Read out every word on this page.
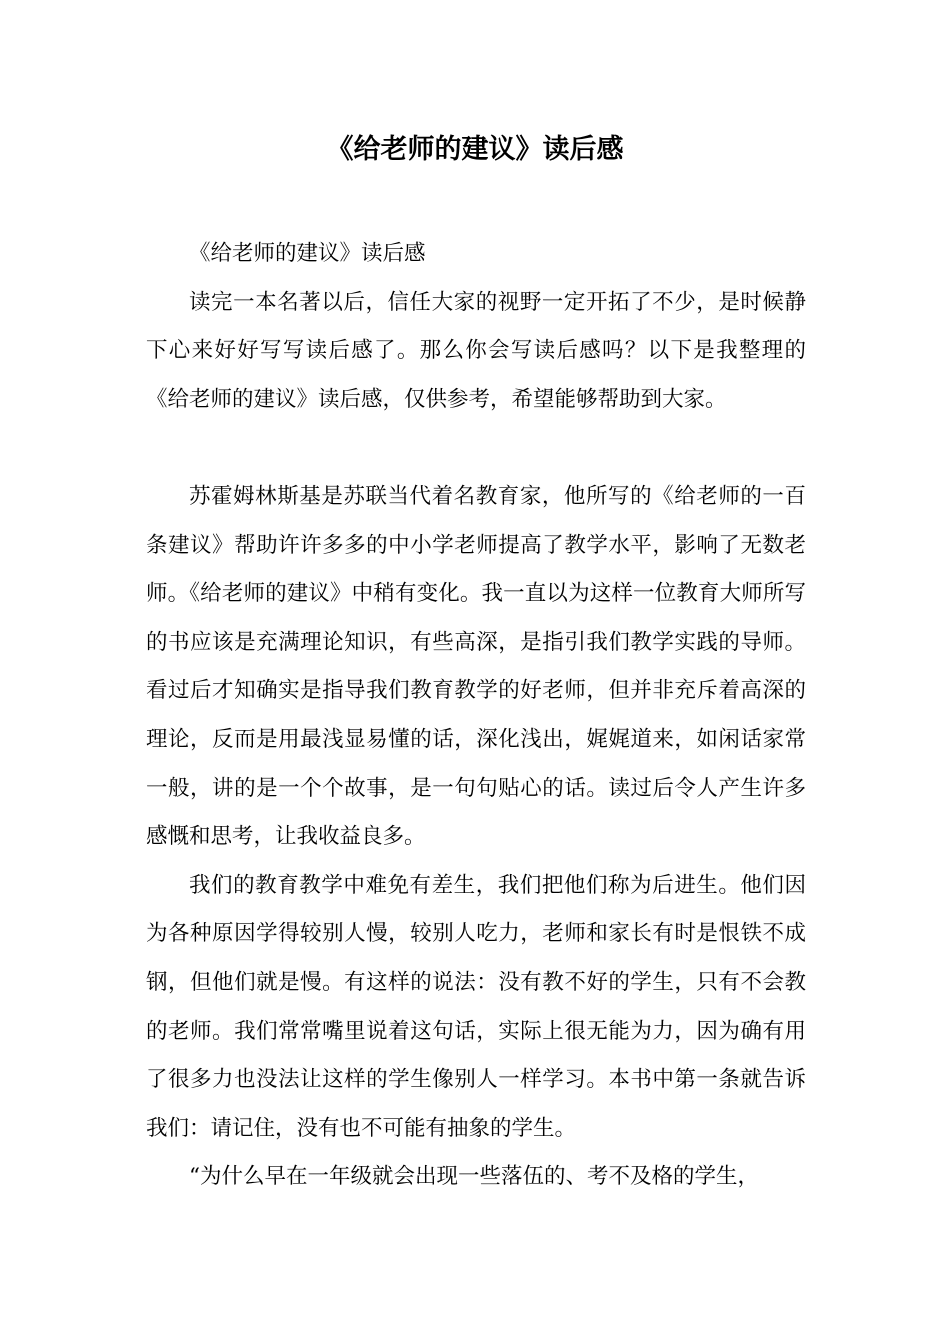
《给老师的建议》读后感

《给老师的建议》读后感

读完一本名著以后，信任大家的视野一定开拓了不少，是时候静下心来好好写写读后感了。那么你会写读后感吗？以下是我整理的《给老师的建议》读后感，仅供参考，希望能够帮助到大家。

苏霍姆林斯基是苏联当代着名教育家，他所写的《给老师的一百条建议》帮助许许多多的中小学老师提高了教学水平，影响了无数老师。《给老师的建议》中稍有变化。我一直以为这样一位教育大师所写的书应该是充满理论知识，有些高深，是指引我们教学实践的导师。看过后才知确实是指导我们教育教学的好老师，但并非充斥着高深的理论，反而是用最浅显易懂的话，深化浅出，娓娓道来，如闲话家常一般，讲的是一个个故事，是一句句贴心的话。读过后令人产生许多感慨和思考，让我收益良多。

我们的教育教学中难免有差生，我们把他们称为后进生。他们因为各种原因学得较别人慢，较别人吃力，老师和家长有时是恨铁不成钢，但他们就是慢。有这样的说法：没有教不好的学生，只有不会教的老师。我们常常嘴里说着这句话，实际上很无能为力，因为确有用了很多力也没法让这样的学生像别人一样学习。本书中第一条就告诉我们：请记住，没有也不可能有抽象的学生。

“为什么早在一年级就会出现一些落伍的、考不及格的学生，
